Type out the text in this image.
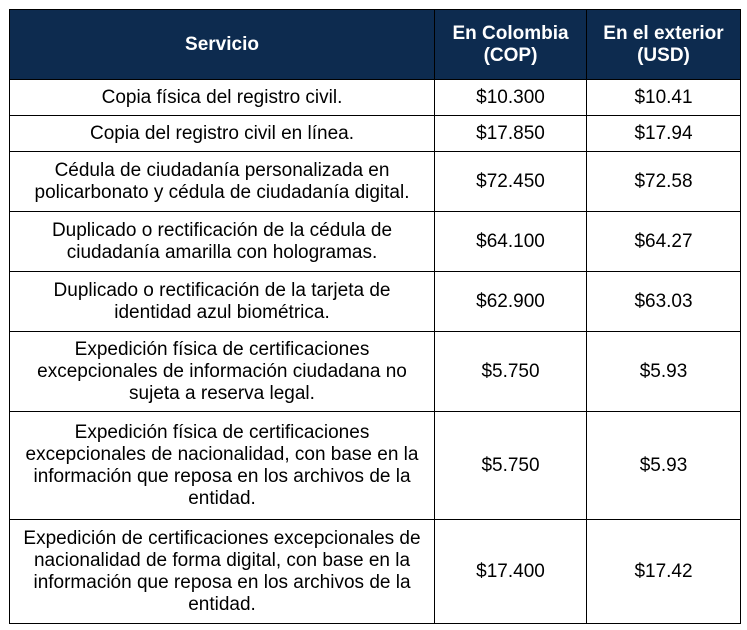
Servicio	En Colombia (COP)	En el exterior (USD)
Copia física del registro civil.	$10.300	$10.41
Copia del registro civil en línea.	$17.850	$17.94
Cédula de ciudadanía personalizada en policarbonato y cédula de ciudadanía digital.	$72.450	$72.58
Duplicado o rectificación de la cédula de ciudadanía amarilla con hologramas.	$64.100	$64.27
Duplicado o rectificación de la tarjeta de identidad azul biométrica.	$62.900	$63.03
Expedición física de certificaciones excepcionales de información ciudadana no sujeta a reserva legal.	$5.750	$5.93
Expedición física de certificaciones excepcionales de nacionalidad, con base en la información que reposa en los archivos de la entidad.	$5.750	$5.93
Expedición de certificaciones excepcionales de nacionalidad de forma digital, con base en la información que reposa en los archivos de la entidad.	$17.400	$17.42
